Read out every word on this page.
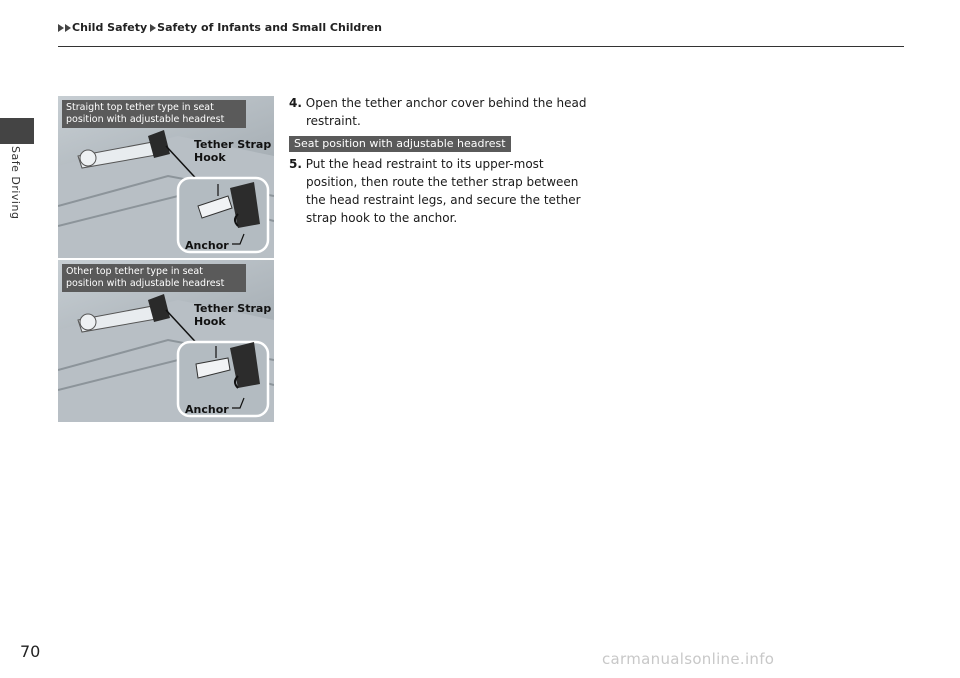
Child Safety Safety of Infants and Small Children
Safe Driving
Straight top tether type in seat position with adjustable headrest
Tether Strap Hook
Anchor
Other top tether type in seat position with adjustable headrest
Tether Strap Hook
Anchor
4. Open the tether anchor cover behind the head restraint.
Seat position with adjustable headrest
5. Put the head restraint to its upper-most position, then route the tether strap between the head restraint legs, and secure the tether strap hook to the anchor.
70	carmanualsonline.info
